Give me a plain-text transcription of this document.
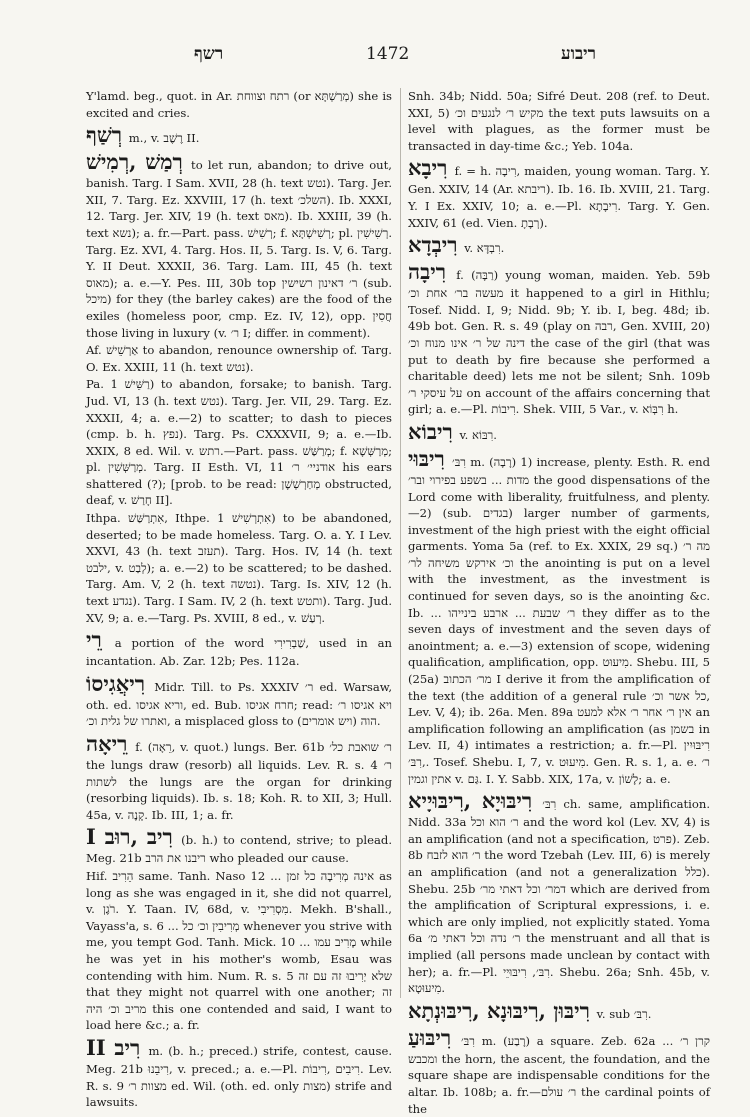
רשף	1472	ריבוע
Y'lamd. beg., quot. in Ar. רתח וצווחת (or מְרַשְׁתָּא) she is excited and cries.
רְשַׁף m., v. רֶשֶׁב II.
רְמַשׁ ,רְמִישׁ to let run, abandon; to drive out, banish. Targ. I Sam. XVII, 28 (h. text נטש). Targ. Jer. XII, 7. Targ. Ez. XXVIII, 17 (h. text השלכ׳). Ib. XXXI, 12. Targ. Jer. XIV, 19 (h. text מאס). Ib. XXIII, 39 (h. text נשא); a. fr.—Part. pass. רְשִׁישׁ; f. רְשִׁישְׁתָּא; pl. רְשִׁישִׁין. Targ. Ez. XVI, 4. Targ. Hos. II, 5. Targ. Is. V, 6. Targ. Y. II Deut. XXXII, 36. Targ. Lam. III, 45 (h. text מאוס); a. e.—Y. Pes. III, 30b top ר׳ דאינון רשישין (sub. מיכל) for they (the barley cakes) are the food of the exiles (homeless poor, cmp. Ez. IV, 12), opp. חֲסִין those living in luxury (v. ר׳ I; differ. in comment).
Af. אַרְשֵׁישׁ to abandon, renounce ownership of. Targ. O. Ex. XXIII, 11 (h. text נטש).
Pa. רַשֵּׁישׁ 1) to abandon, forsake; to banish. Targ. Jud. VI, 13 (h. text נטש). Targ. Jer. VII, 29. Targ. Ez. XXXII, 4; a. e.—2) to scatter; to dash to pieces (cmp. b. h. נפץ). Targ. Ps. CXXXVII, 9; a. e.—Ib. XXIX, 8 ed. Wil. v. רתש.—Part. pass. מְרַשַּׁשׁ; f. מְרַשְּׁשָׁא; pl. מְרַשְּׁשִׁין. Targ. II Esth. VI, 11 אודניי׳ ר׳ his ears shattered (?); [prob. to be read: מְחַרְשְׁשָׁן obstructed, deaf, v. חָרַשׁ II].
Ithpa. אִתְרַשַּׁשׁ, Ithpe. אִתְרְשִׁישׁ 1) to be abandoned, deserted; to be made homeless. Targ. O. a. Y. I Lev. XXVI, 43 (h. text תעזב). Targ. Hos. IV, 14 (h. text ילבט, v. לְבַט); a. e.—2) to be scattered; to be dashed. Targ. Am. V, 2 (h. text נטשה). Targ. Is. XIV, 12 (h. text נגדע). Targ. I Sam. IV, 2 (h. text ותטש). Targ. Jud. XV, 9; a. e.—Targ. Ps. XVIII, 8 ed., v. רְעַשׁ.
רֵי a portion of the word שַׁבְרִירִי, used in an incantation. Ab. Zar. 12b; Pes. 112a.
רִיאֲגִיסוֹ Midr. Till. to Ps. XXXIV ר׳ ed. Warsaw, oth. ed. וריא אגיסו, ed. Bub. חרח אגיסו; read: ויא אגיסו ר׳ ואתרו של גלית וכ׳, a misplaced gloss to (ויש אומרים) הוה.
רֵיאָה f. (רֵאָה, v. quot.) lungs. Ber. 61b ר׳ שואבת כל׳ the lungs draw (resorb) all liquids. Lev. R. s. 4 ר׳ לשתות the lungs are the organ for drinking (resorbing liquids). Ib. s. 18; Koh. R. to XII, 3; Hull. 45a, v. קָנֶה. Ib. III, 1; a. fr.
רִיב ,רוּב I (b. h.) to contend, strive; to plead. Meg. 21b ריבנו את הרב who pleaded our cause.
Hif. הֵרִיב same. Tanh. Naso 12 ... אינה מְרִיבָה כל זמן as long as she was engaged in it, she did not quarrel, v. רֹגֶן. Y. Taan. IV, 68d, v. מִסְרִיבִי. Mekh. B'shall., Vayass'a, s. 6 ... מְרִיבִין וכ׳ כל whenever you strive with me, you tempt God. Tanh. Mick. 10 ... מָרִיב עמו while he was yet in his mother's womb, Esau was contending with him. Num. R. s. 5 שלא יְרִיבוּ זה עם זה that they might not quarrel with one another; זה מריב וכ׳ היה this one contended and said, I want to load here &c.; a. fr.
רִיב II m. (b. h.; preced.) strife, contest, cause. Meg. 21b רִיבֵנוּ, v. preced.; a. e.—Pl. רִיבִים ,רִיבוֹת. Lev. R. s. 9 מצוות ר׳ ed. Wil. (oth. ed. only מצות) strife and lawsuits.
Snh. 34b; Nidd. 50a; Sifré Deut. 208 (ref. to Deut. XXI, 5) מקיש ר׳ לנגעים וכ׳ the text puts lawsuits on a level with plagues, as the former must be transacted in day-time &c.; Yeb. 104a.
רִיבָא f. = h. רִיבָה, maiden, young woman. Targ. Y. Gen. XXIV, 14 (Ar. ריבתא). Ib. 16. Ib. XVIII, 21. Targ. Y. I Ex. XXIV, 10; a. e.—Pl. רִיבָתָא. Targ. Y. Gen. XXIV, 61 (ed. Vien. רְבָתָ).
רִיבְדָא v. רִבְדָּא.
רִיבָה f. (רַבָּה) young woman, maiden. Yeb. 59b מעשה בר׳ אחת וכ׳ it happened to a girl in Hithlu; Tosef. Nidd. I, 9; Nidd. 9b; Y. ib. I, beg. 48d; ib. 49b bot. Gen. R. s. 49 (play on רבה, Gen. XVIII, 20) דינה של ר׳ אינו מנוח וכ׳ the case of the girl (that was put to death by fire because she performed a charitable deed) lets me not be silent; Snh. 109b על עיסקי ר׳ on account of the affairs concerning that girl; a. e.—Pl. רִיבוֹת. Shek. VIII, 5 Var., v. רִבְּוֹא h.
רִיבוֹא v. רִבּוֹא.
רִיבּוּי רִבּ׳ m. (רָבָה) 1) increase, plenty. Esth. R. end מדות ... בשפע בפירוי ובר׳ the good dispensations of the Lord come with liberality, fruitfulness, and plenty.—2) (sub. בגדים) larger number of garments, investment of the high priest with the eight official garments. Yoma 5a (ref. to Ex. XXIX, 29 sq.) מה ר׳ וכ׳ אירקש משיחה לר׳ the anointing is put on a level with the investment, as the investment is continued for seven days, so is the anointing &c. Ib. ... ר׳ שבעת ... ארבע בינייהו they differ as to the seven days of investment and the seven days of anointment; a. e.—3) extension of scope, widening qualification, amplification, opp. מִיעוּט. Shebu. III, 5 (25a) מר׳ הכתוב I derive it from the amplification of the text (the addition of a general rule כל אשר וכ׳, Lev. V, 4); ib. 26a. Men. 89a אין ר׳ אחר ר׳ אלא למעט an amplification following an amplification (as בשמן in Lev. II, 4) intimates a restriction; a. fr.—Pl. רִיבּוּיִין ,רִבּ׳. Tosef. Shebu. I, 7, v. מִיעוּט. Gen. R. s. 1, a. e. ר׳ אתין וגמין v. גַּם. I. Y. Sabb. XIX, 17a, v. לָשׁוֹן; a. e.
רִיבּוּיָא ,רִיבּוּיָיא רִבּ׳ ch. same, amplification. Nidd. 33a ר׳ הוא וכל and the word kol (Lev. XV, 4) is an amplification (and not a specification, פרט). Zeb. 8b ר׳ הוא לזבח the word Tzebah (Lev. III, 6) is merely an amplification (and not a generalization כלל). Shebu. 25b דמר׳ וכל דאתי מר׳ which are derived from the amplification of Scriptural expressions, i. e. which are only implied, not explicitly stated. Yoma 6a ר׳ נדה וכל דאתי מ׳ the menstruant and all that is implied (all persons made unclean by contact with her); a. fr.—Pl. רִבּ׳, רִיבּוּיֵי. Shebu. 26a; Snh. 45b, v. מִיעוּטָא.
רִיבּוּן ,רִיבּוּנָא ,רִיבּוּנְתָא v. sub רִבּ׳.
רִיבּוּעַ רִבּ׳ m. (רָבַע) a square. Zeb. 62a ... קרן ר׳ ומכבש the horn, the ascent, the foundation, and the square shape are indispensable conditions for the altar. Ib. 108b; a. fr.—ר׳ עולם the cardinal points of the
